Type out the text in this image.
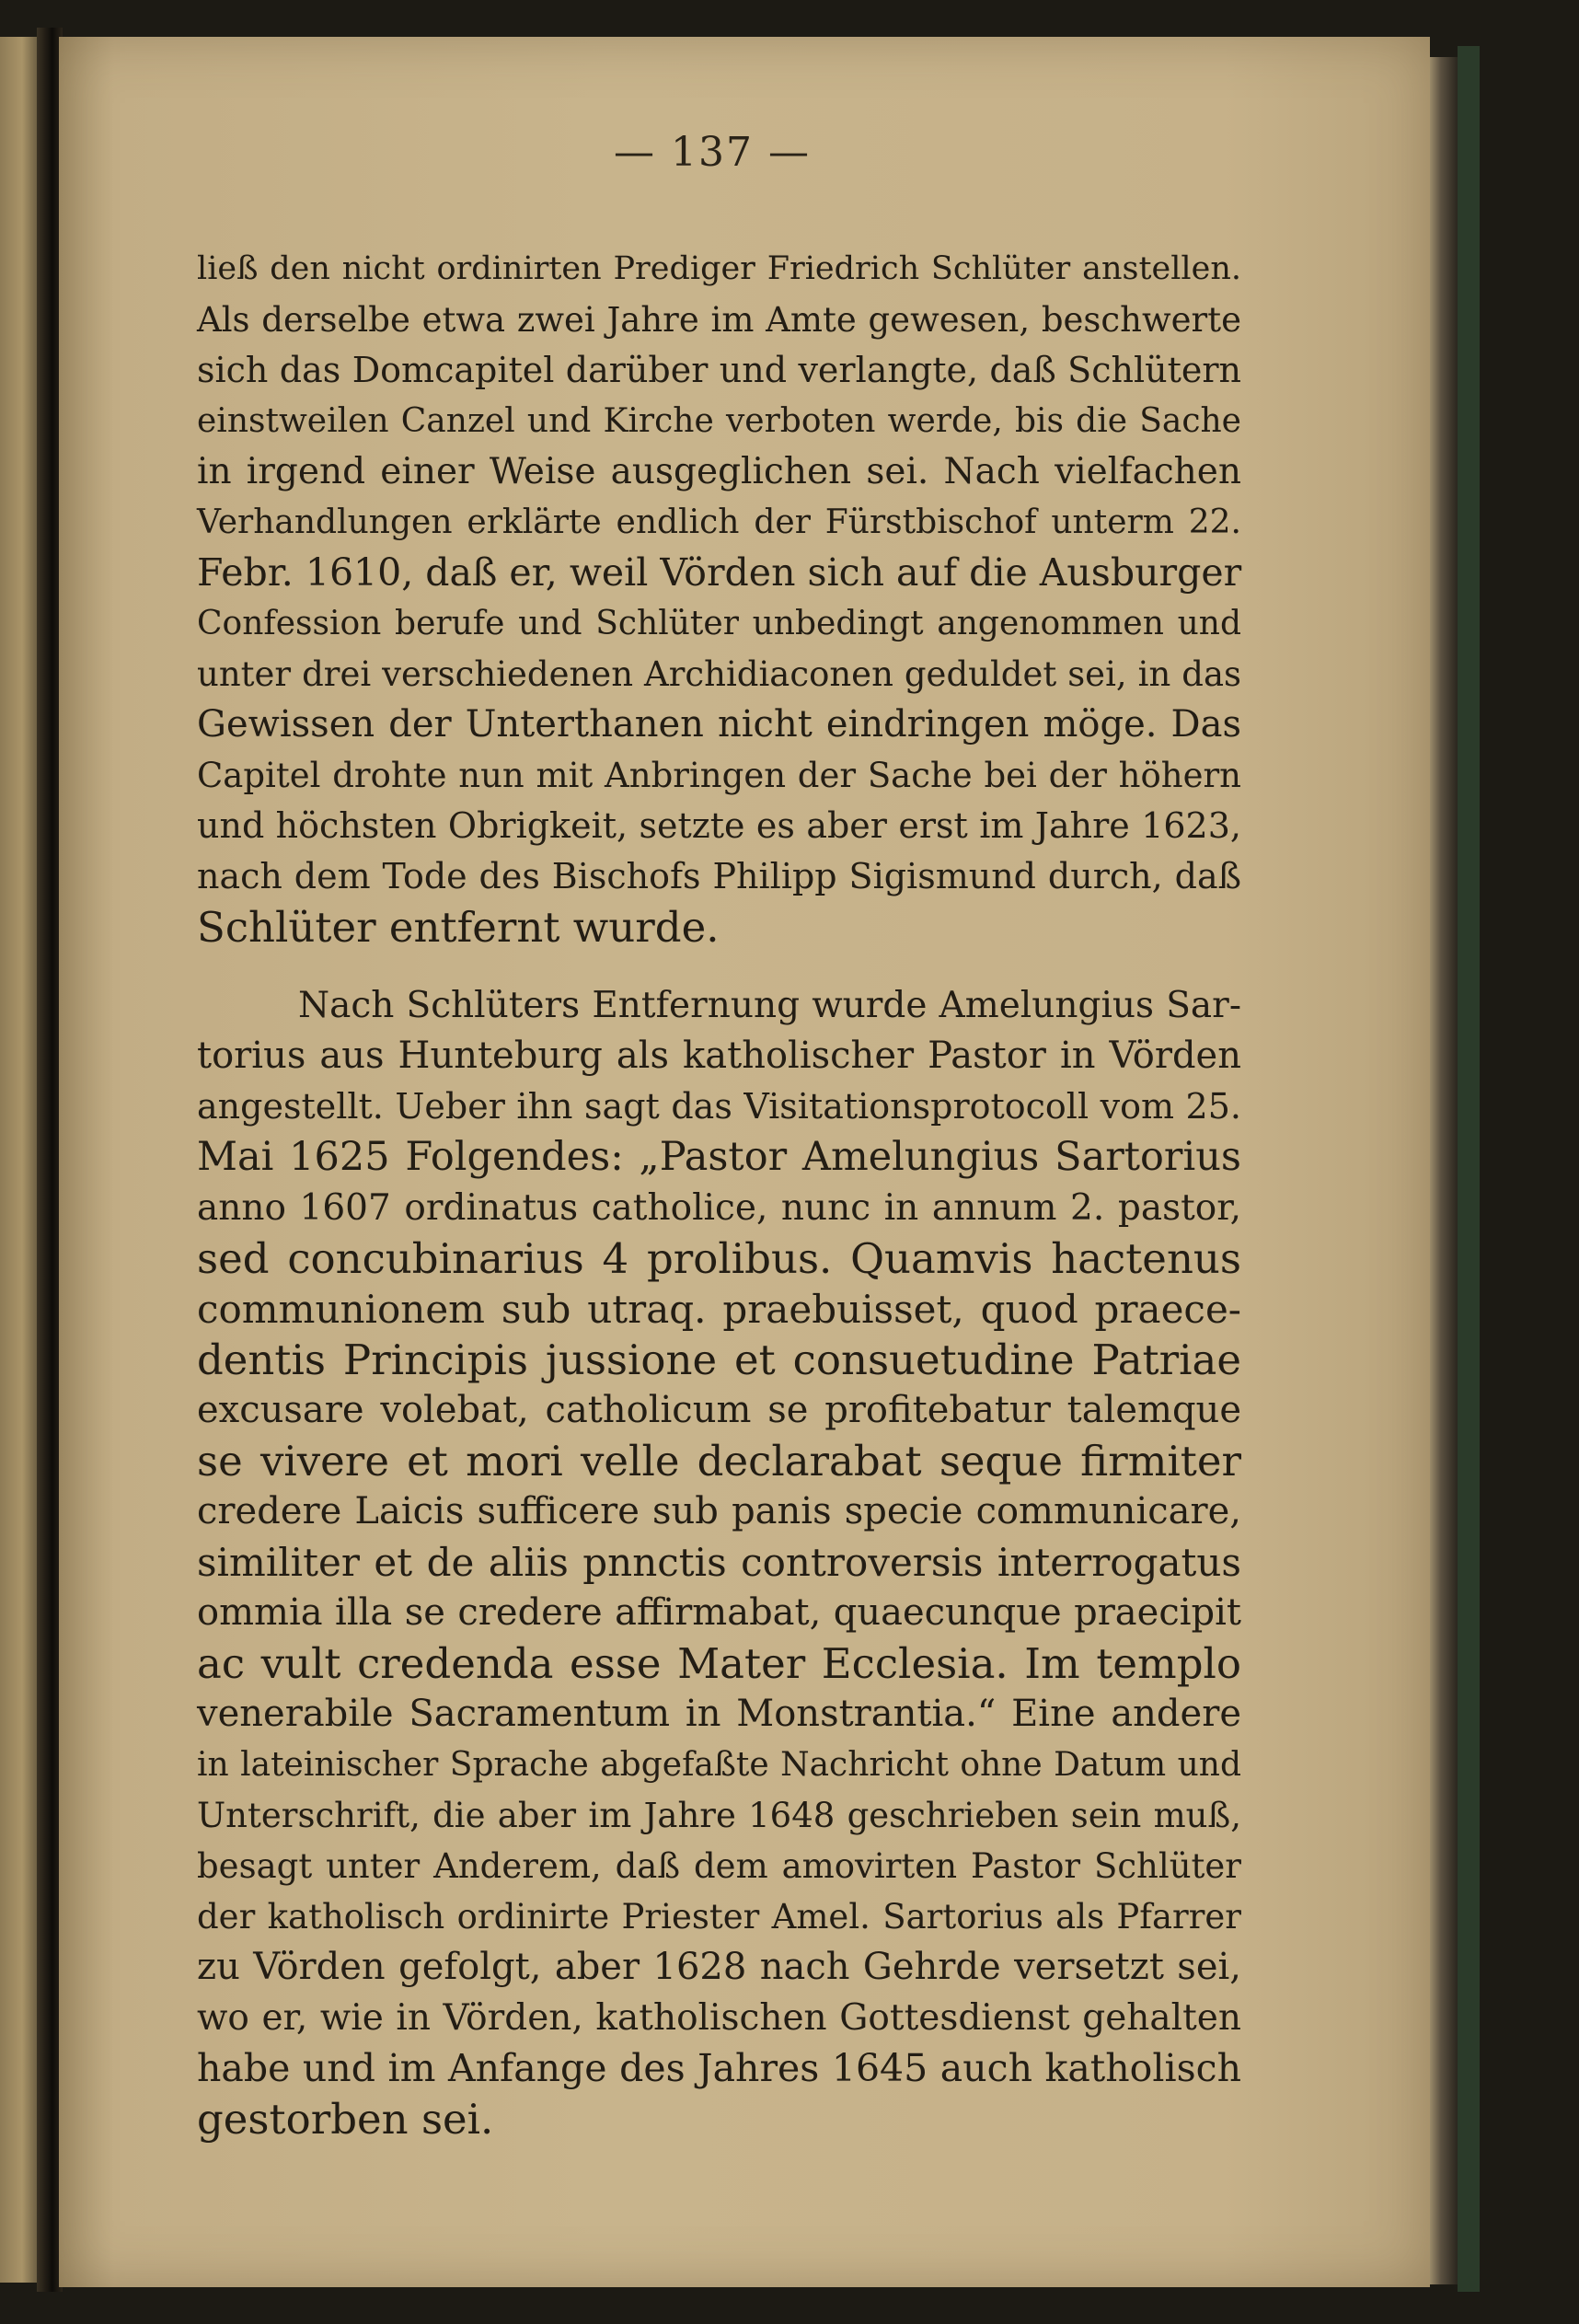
— 137 —
ließ den nicht ordinirten Prediger Friedrich Schlüter anstellen.
Als derselbe etwa zwei Jahre im Amte gewesen, beschwerte
sich das Domcapitel darüber und verlangte, daß Schlütern
einstweilen Canzel und Kirche verboten werde, bis die Sache
in irgend einer Weise ausgeglichen sei. Nach vielfachen
Verhandlungen erklärte endlich der Fürstbischof unterm 22.
Febr. 1610, daß er, weil Vörden sich auf die Ausburger
Confession berufe und Schlüter unbedingt angenommen und
unter drei verschiedenen Archidiaconen geduldet sei, in das
Gewissen der Unterthanen nicht eindringen möge. Das
Capitel drohte nun mit Anbringen der Sache bei der höhern
und höchsten Obrigkeit, setzte es aber erst im Jahre 1623,
nach dem Tode des Bischofs Philipp Sigismund durch, daß
Schlüter entfernt wurde.
Nach Schlüters Entfernung wurde Amelungius Sar-
torius aus Hunteburg als katholischer Pastor in Vörden
angestellt. Ueber ihn sagt das Visitationsprotocoll vom 25.
Mai 1625 Folgendes: „Pastor Amelungius Sartorius
anno 1607 ordinatus catholice, nunc in annum 2. pastor,
sed concubinarius 4 prolibus. Quamvis hactenus
communionem sub utraq. praebuisset, quod praece-
dentis Principis jussione et consuetudine Patriae
excusare volebat, catholicum se profitebatur talemque
se vivere et mori velle declarabat seque firmiter
credere Laicis sufficere sub panis specie communicare,
similiter et de aliis pnnctis controversis interrogatus
ommia illa se credere affirmabat, quaecunque praecipit
ac vult credenda esse Mater Ecclesia. Im templo
venerabile Sacramentum in Monstrantia.“ Eine andere
in lateinischer Sprache abgefaßte Nachricht ohne Datum und
Unterschrift, die aber im Jahre 1648 geschrieben sein muß,
besagt unter Anderem, daß dem amovirten Pastor Schlüter
der katholisch ordinirte Priester Amel. Sartorius als Pfarrer
zu Vörden gefolgt, aber 1628 nach Gehrde versetzt sei,
wo er, wie in Vörden, katholischen Gottesdienst gehalten
habe und im Anfange des Jahres 1645 auch katholisch
gestorben sei.
